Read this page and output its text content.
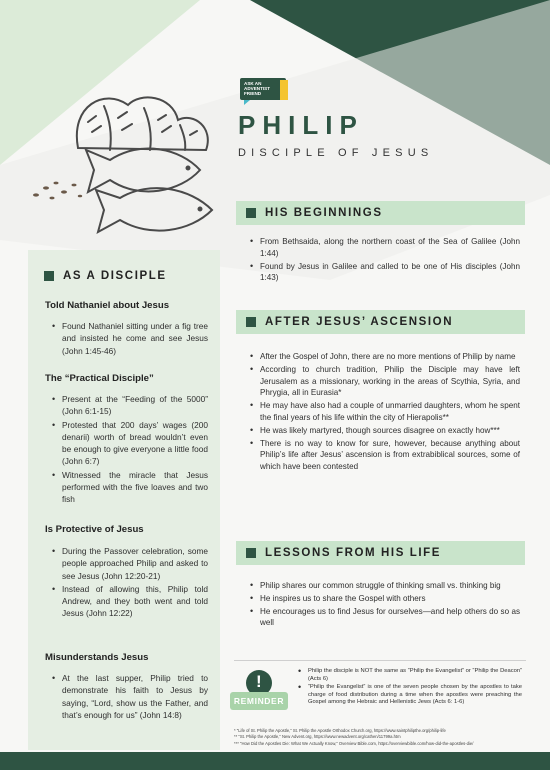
ASK AN ADVENTIST FRIEND
PHILIP
DISCIPLE OF JESUS
HIS BEGINNINGS
• From Bethsaida, along the northern coast of the Sea of Galilee (John 1:44)
• Found by Jesus in Galilee and called to be one of His disciples (John 1:43)
AFTER JESUS’ ASCENSION
• After the Gospel of John, there are no more mentions of Philip by name
• According to church tradition, Philip the Disciple may have left Jerusalem as a missionary, working in the areas of Scythia, Syria, and Phrygia, all in Eurasia*
• He may have also had a couple of unmarried daughters, whom he spent the final years of his life within the city of Hierapolis**
• He was likely martyred, though sources disagree on exactly how***
• There is no way to know for sure, however, because anything about Philip’s life after Jesus’ ascension is from extrabiblical sources, some of which have been contested
LESSONS FROM HIS LIFE
• Philip shares our common struggle of thinking small vs. thinking big
• He inspires us to share the Gospel with others
• He encourages us to find Jesus for ourselves—and help others do so as well
AS A DISCIPLE
Told Nathaniel about Jesus
• Found Nathaniel sitting under a fig tree and insisted he come and see Jesus (John 1:45-46)
The “Practical Disciple”
• Present at the “Feeding of the 5000” (John 6:1-15)
• Protested that 200 days’ wages (200 denarii) worth of bread wouldn’t even be enough to give everyone a little food (John 6:7)
• Witnessed the miracle that Jesus performed with the five loaves and two fish
Is Protective of Jesus
• During the Passover celebration, some people approached Philip and asked to see Jesus (John 12:20-21)
• Instead of allowing this, Philip told Andrew, and they both went and told Jesus (John 12:22)
Misunderstands Jesus
• At the last supper, Philip tried to demonstrate his faith to Jesus by saying, “Lord, show us the Father, and that’s enough for us” (John 14:8)
!
REMINDER
• Philip the disciple is NOT the same as “Philip the Evangelist” or “Philip the Deacon” (Acts 6)
• “Philip the Evangelist” is one of the seven people chosen by the apostles to take charge of food distribution during a time when the apostles were preaching the Gospel among the Hebraic and Hellenistic Jews (Acts 6: 1-6)
* “Life of St. Philip the Apostle,” St. Philip the Apostle Orthodox Church.org, https://www.saintphilipthe.org/philip-life
** “St. Philip the Apostle,” New Advent.org, https://www.newadvent.org/cathen/11799a.htm
*** “How Did the Apostles Die: What We Actually Know,” Overview Bible.com, https://overviewbible.com/how-did-the-apostles-die/
